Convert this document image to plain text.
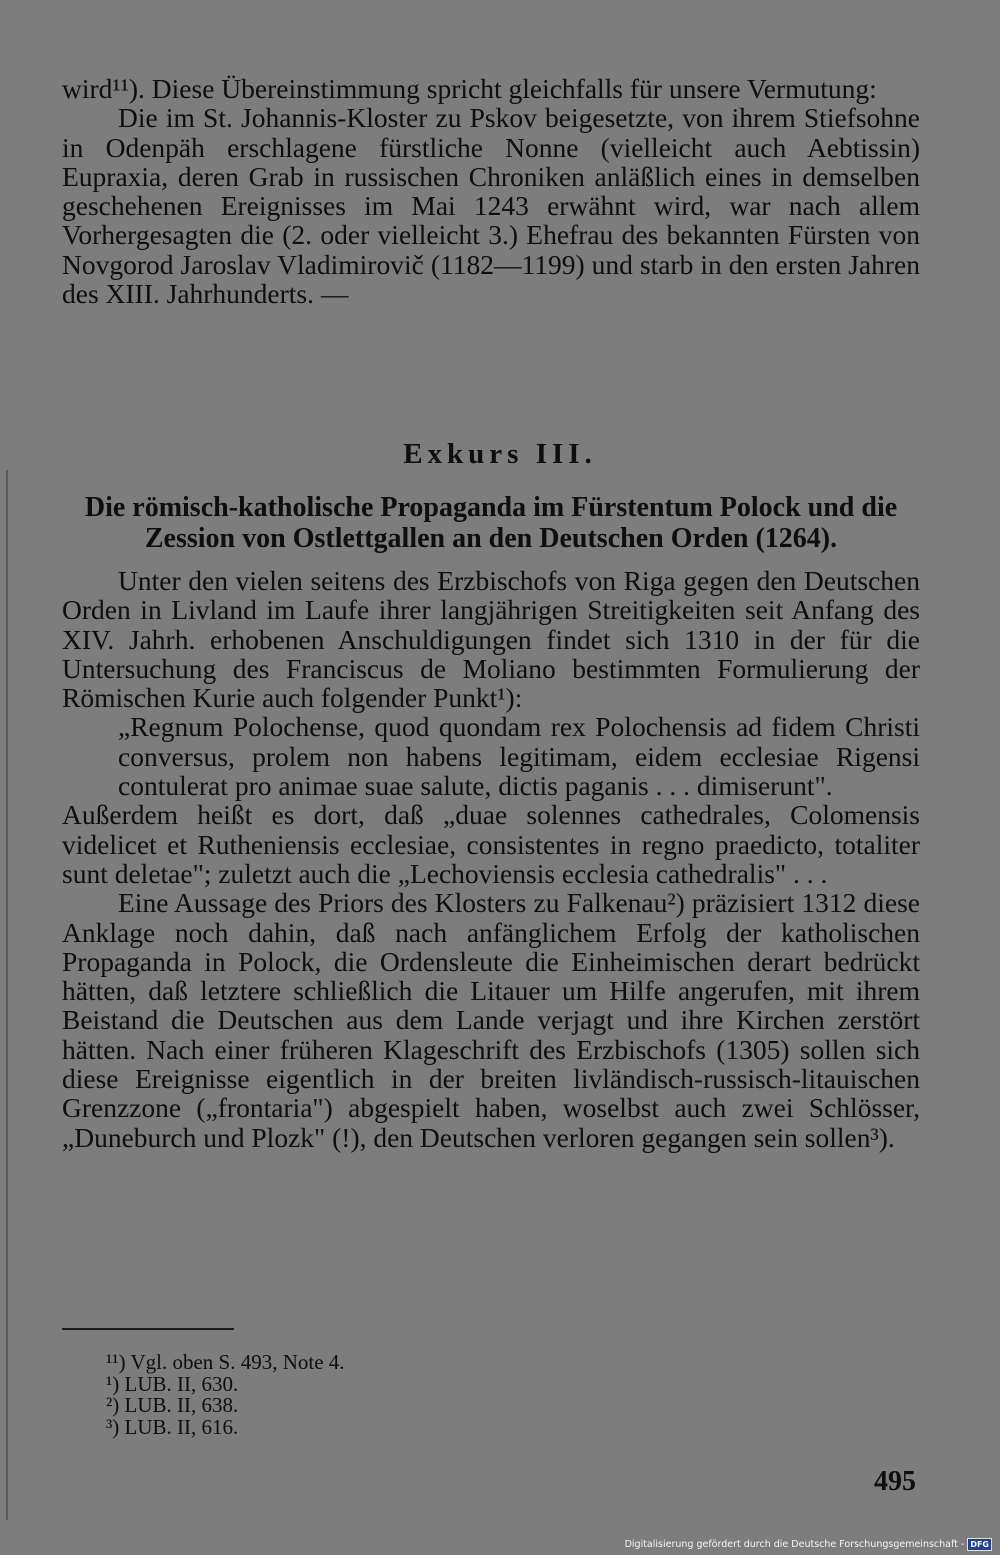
wird¹¹). Diese Übereinstimmung spricht gleichfalls für unsere Vermutung:

Die im St. Johannis-Kloster zu Pskov beigesetzte, von ihrem Stiefsohne in Odenpäh erschlagene fürstliche Nonne (vielleicht auch Aebtissin) Eupraxia, deren Grab in russischen Chroniken anläßlich eines in demselben geschehenen Ereignisses im Mai 1243 erwähnt wird, war nach allem Vorhergesagten die (2. oder vielleicht 3.) Ehefrau des bekannten Fürsten von Novgorod Jaroslav Vladimirovič (1182—1199) und starb in den ersten Jahren des XIII. Jahrhunderts. —

Exkurs III.
Die römisch-katholische Propaganda im Fürstentum Polock und die Zession von Ostlettgallen an den Deutschen Orden (1264).

Unter den vielen seitens des Erzbischofs von Riga gegen den Deutschen Orden in Livland im Laufe ihrer langjährigen Streitigkeiten seit Anfang des XIV. Jahrh. erhobenen Anschuldigungen findet sich 1310 in der für die Untersuchung des Franciscus de Moliano bestimmten Formulierung der Römischen Kurie auch folgender Punkt¹):

„Regnum Polochense, quod quondam rex Polochensis ad fidem Christi conversus, prolem non habens legitimam, eidem ecclesiae Rigensi contulerat pro animae suae salute, dictis paganis . . . dimiserunt".

Außerdem heißt es dort, daß „duae solennes cathedrales, Colomensis videlicet et Rutheniensis ecclesiae, consistentes in regno praedicto, totaliter sunt deletae"; zuletzt auch die „Lechoviensis ecclesia cathedralis" . . .

Eine Aussage des Priors des Klosters zu Falkenau²) präzisiert 1312 diese Anklage noch dahin, daß nach anfänglichem Erfolg der katholischen Propaganda in Polock, die Ordensleute die Einheimischen derart bedrückt hätten, daß letztere schließlich die Litauer um Hilfe angerufen, mit ihrem Beistand die Deutschen aus dem Lande verjagt und ihre Kirchen zerstört hätten. Nach einer früheren Klageschrift des Erzbischofs (1305) sollen sich diese Ereignisse eigentlich in der breiten livländisch-russisch-litauischen Grenzzone („frontaria") abgespielt haben, woselbst auch zwei Schlösser, „Duneburch und Plozk" (!), den Deutschen verloren gegangen sein sollen³).

¹¹) Vgl. oben S. 493, Note 4.
¹) LUB. II, 630.
²) LUB. II, 638.
³) LUB. II, 616.
495
Digitalisierung gefördert durch die Deutsche Forschungsgemeinschaft - DFG
